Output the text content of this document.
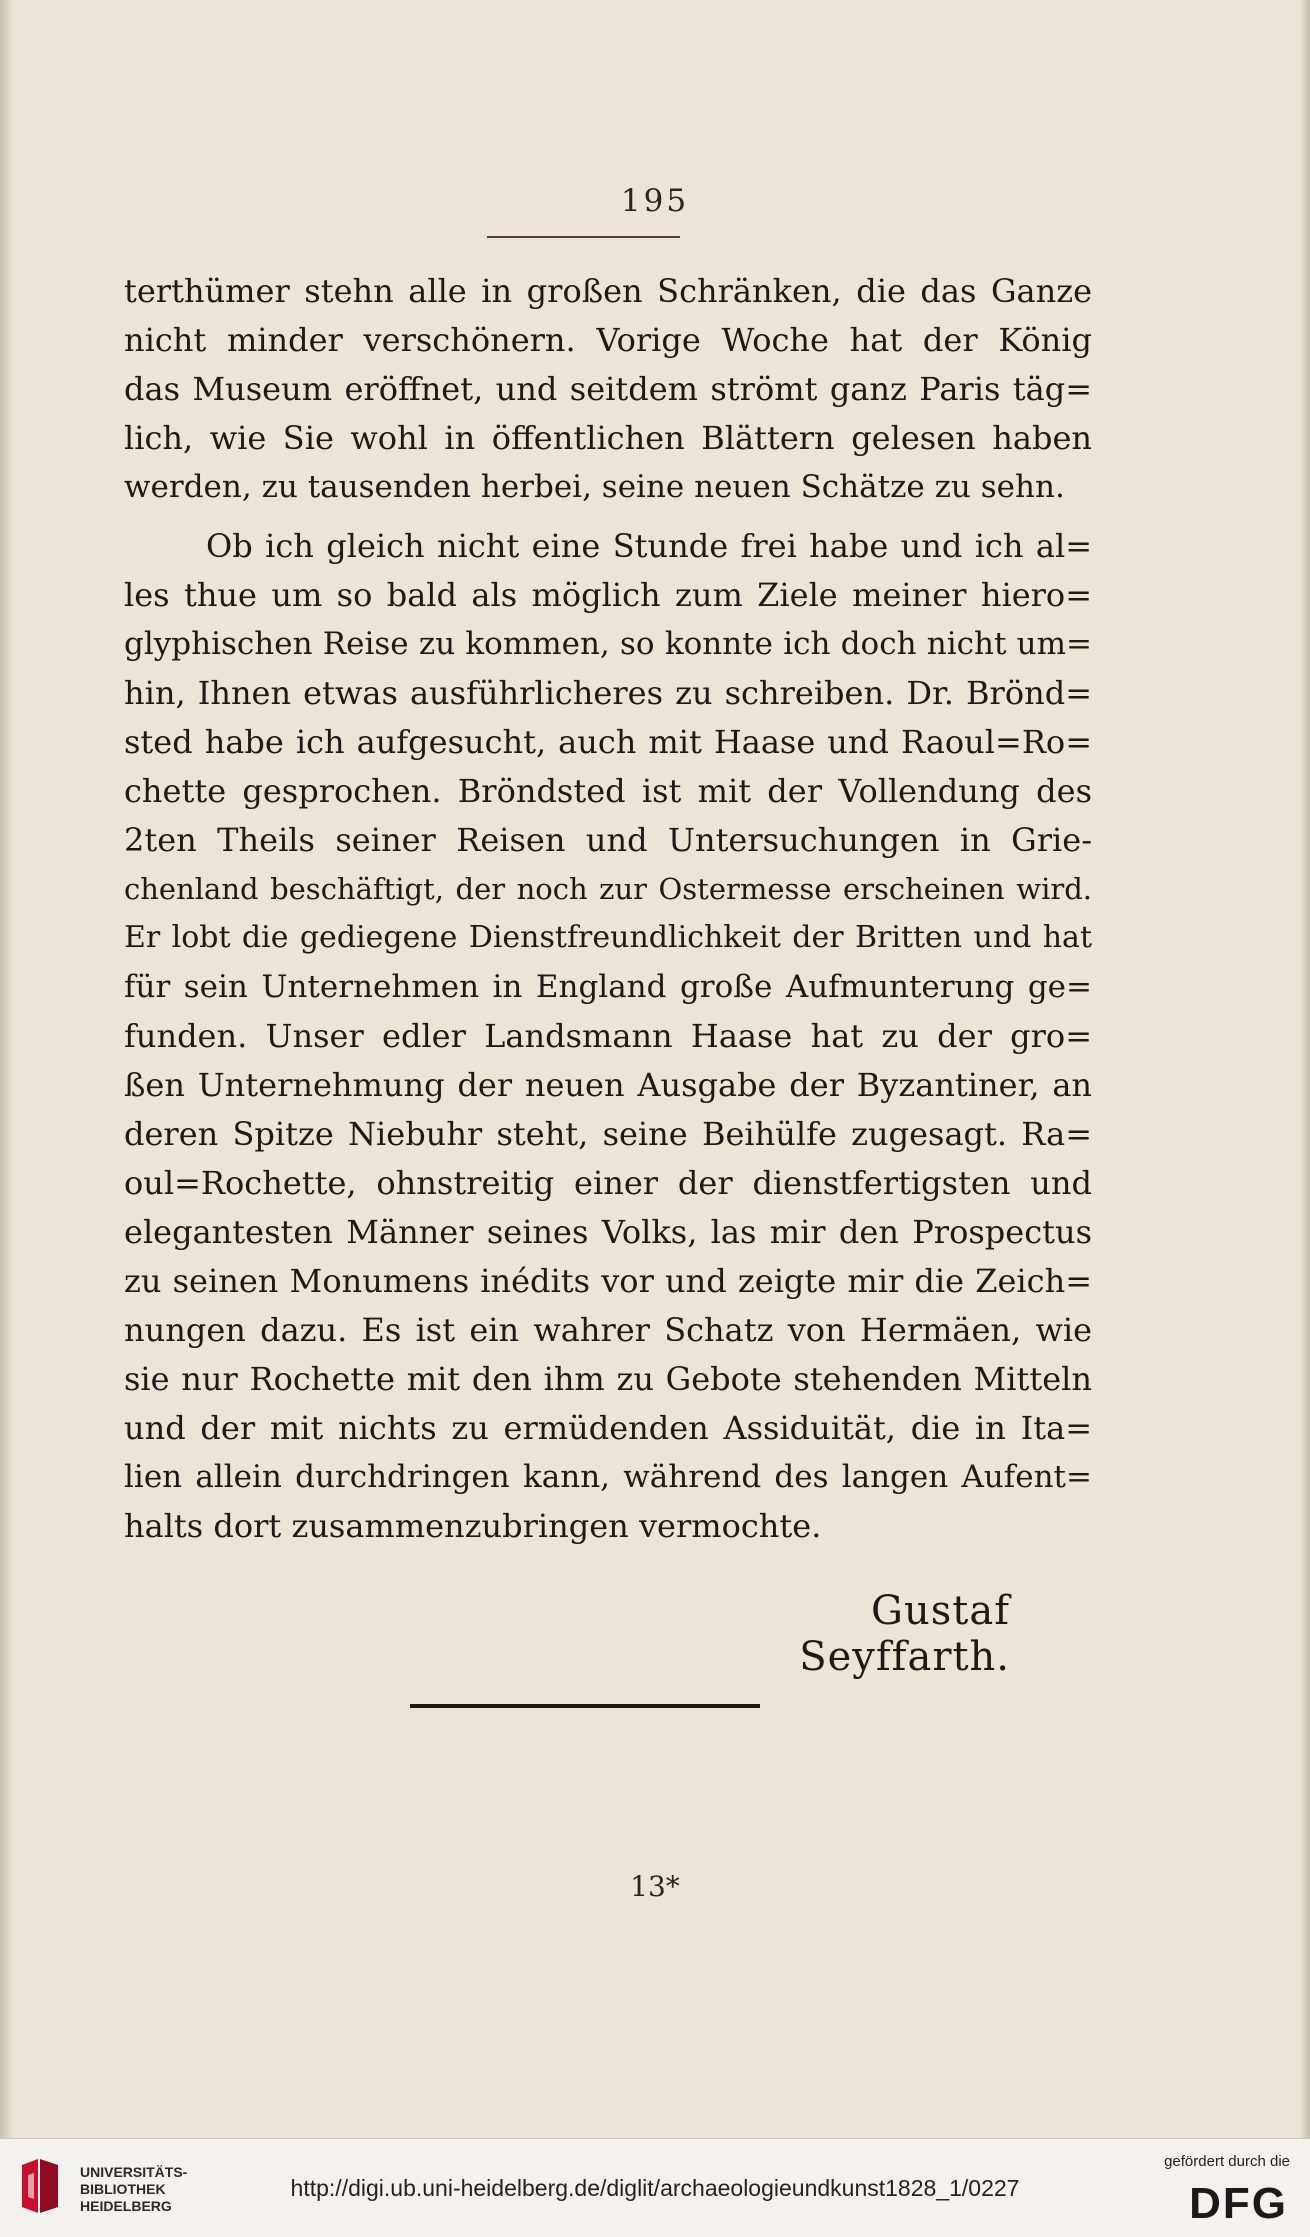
195
terthümer stehn alle in großen Schränken, die das Ganze
nicht minder verschönern. Vorige Woche hat der König
das Museum eröffnet, und seitdem strömt ganz Paris täg=
lich, wie Sie wohl in öffentlichen Blättern gelesen haben
werden, zu tausenden herbei, seine neuen Schätze zu sehn.
Ob ich gleich nicht eine Stunde frei habe und ich al=
les thue um so bald als möglich zum Ziele meiner hiero=
glyphischen Reise zu kommen, so konnte ich doch nicht um=
hin, Ihnen etwas ausführlicheres zu schreiben. Dr. Brönd=
sted habe ich aufgesucht, auch mit Haase und Raoul=Ro=
chette gesprochen. Bröndsted ist mit der Vollendung des
2ten Theils seiner Reisen und Untersuchungen in Grie-
chenland beschäftigt, der noch zur Ostermesse erscheinen wird.
Er lobt die gediegene Dienstfreundlichkeit der Britten und hat
für sein Unternehmen in England große Aufmunterung ge=
funden. Unser edler Landsmann Haase hat zu der gro=
ßen Unternehmung der neuen Ausgabe der Byzantiner, an
deren Spitze Niebuhr steht, seine Beihülfe zugesagt. Ra=
oul=Rochette, ohnstreitig einer der dienstfertigsten und
elegantesten Männer seines Volks, las mir den Prospectus
zu seinen Monumens inédits vor und zeigte mir die Zeich=
nungen dazu. Es ist ein wahrer Schatz von Hermäen, wie
sie nur Rochette mit den ihm zu Gebote stehenden Mitteln
und der mit nichts zu ermüdenden Assiduität, die in Ita=
lien allein durchdringen kann, während des langen Aufent=
halts dort zusammenzubringen vermochte.
Gustaf Seyffarth.
13*
UNIVERSITÄTS-
BIBLIOTHEK
HEIDELBERG
http://digi.ub.uni-heidelberg.de/diglit/archaeologieundkunst1828_1/0227
gefördert durch die
DFG
